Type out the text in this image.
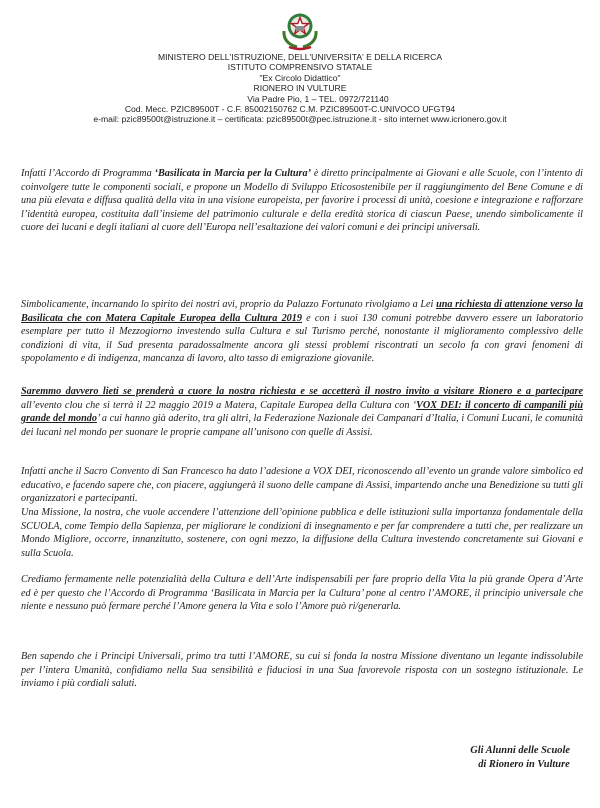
MINISTERO DELL'ISTRUZIONE, DELL'UNIVERSITA' E DELLA RICERCA
ISTITUTO COMPRENSIVO STATALE
"Ex Circolo Didattico"
RIONERO IN VULTURE
Via Padre Pio, 1 – TEL. 0972/721140
Cod. Mecc. PZIC89500T - C.F. 85002150762 C.M. PZIC89500T-C.UNIVOCO UFGT94
e-mail: pzic89500t@istruzione.it – certificata: pzic89500t@pec.istruzione.it - sito internet www.icrionero.gov.it

Infatti l’Accordo di Programma ‘Basilicata in Marcia per la Cultura’ è diretto principalmente ai Giovani e alle Scuole, con l’intento di coinvolgere tutte le componenti sociali, e propone un Modello di Sviluppo Eticosostenibile per il raggiungimento del Bene Comune e di una più elevata e diffusa qualità della vita in una visione europeista, per favorire i processi di unità, coesione e integrazione e rafforzare l’identità europea, costituita dall’insieme del patrimonio culturale e della eredità storica di ciascun Paese, unendo simbolicamente il cuore dei lucani e degli italiani al cuore dell’Europa nell’esaltazione dei valori comuni e dei principi universali.

Simbolicamente, incarnando lo spirito dei nostri avi, proprio da Palazzo Fortunato rivolgiamo a Lei una richiesta di attenzione verso la Basilicata che con Matera Capitale Europea della Cultura 2019 e con i suoi 130 comuni potrebbe davvero essere un laboratorio esemplare per tutto il Mezzogiorno investendo sulla Cultura e sul Turismo perché, nonostante il miglioramento complessivo delle condizioni di vita, il Sud presenta paradossalmente ancora gli stessi problemi riscontrati un secolo fa con gravi fenomeni di spopolamento e di indigenza, mancanza di lavoro, alto tasso di emigrazione giovanile.

Saremmo davvero lieti se prenderà a cuore la nostra richiesta e se accetterà il nostro invito a visitare Rionero e a partecipare all’evento clou che si terrà il 22 maggio 2019 a Matera, Capitale Europea della Cultura con ‘VOX DEI: il concerto di campanili più grande del mondo’ a cui hanno già aderito, tra gli altri, la Federazione Nazionale dei Campanari d’Italia, i Comuni Lucani, le comunità dei lucani nel mondo per suonare le proprie campane all’unisono con quelle di Assisi.

Infatti anche il Sacro Convento di San Francesco ha dato l’adesione a VOX DEI, riconoscendo all’evento un grande valore simbolico ed educativo, e facendo sapere che, con piacere, aggiungerà il suono delle campane di Assisi, impartendo anche una Benedizione su tutti gli organizzatori e partecipanti.

Una Missione, la nostra, che vuole accendere l’attenzione dell’opinione pubblica e delle istituzioni sulla importanza fondamentale della SCUOLA, come Tempio della Sapienza, per migliorare le condizioni di insegnamento e per far comprendere a tutti che, per realizzare un Mondo Migliore, occorre, innanzitutto, sostenere, con ogni mezzo, la diffusione della Cultura investendo concretamente sui Giovani e sulla Scuola.

Crediamo fermamente nelle potenzialità della Cultura e dell’Arte indispensabili per fare proprio della Vita la più grande Opera d’Arte ed è per questo che l’Accordo di Programma ‘Basilicata in Marcia per la Cultura’ pone al centro l’AMORE, il principio universale che niente e nessuno può fermare perché l’Amore genera la Vita e solo l’Amore può ri/generarla.

Ben sapendo che i Principi Universali, primo tra tutti l’AMORE, su cui si fonda la nostra Missione diventano un legante indissolubile per l’intera Umanità, confidiamo nella Sua sensibilità e fiduciosi in una Sua favorevole risposta con un sostegno istituzionale. Le inviamo i più cordiali saluti.

Gli Alunni delle Scuole
di Rionero in Vulture
